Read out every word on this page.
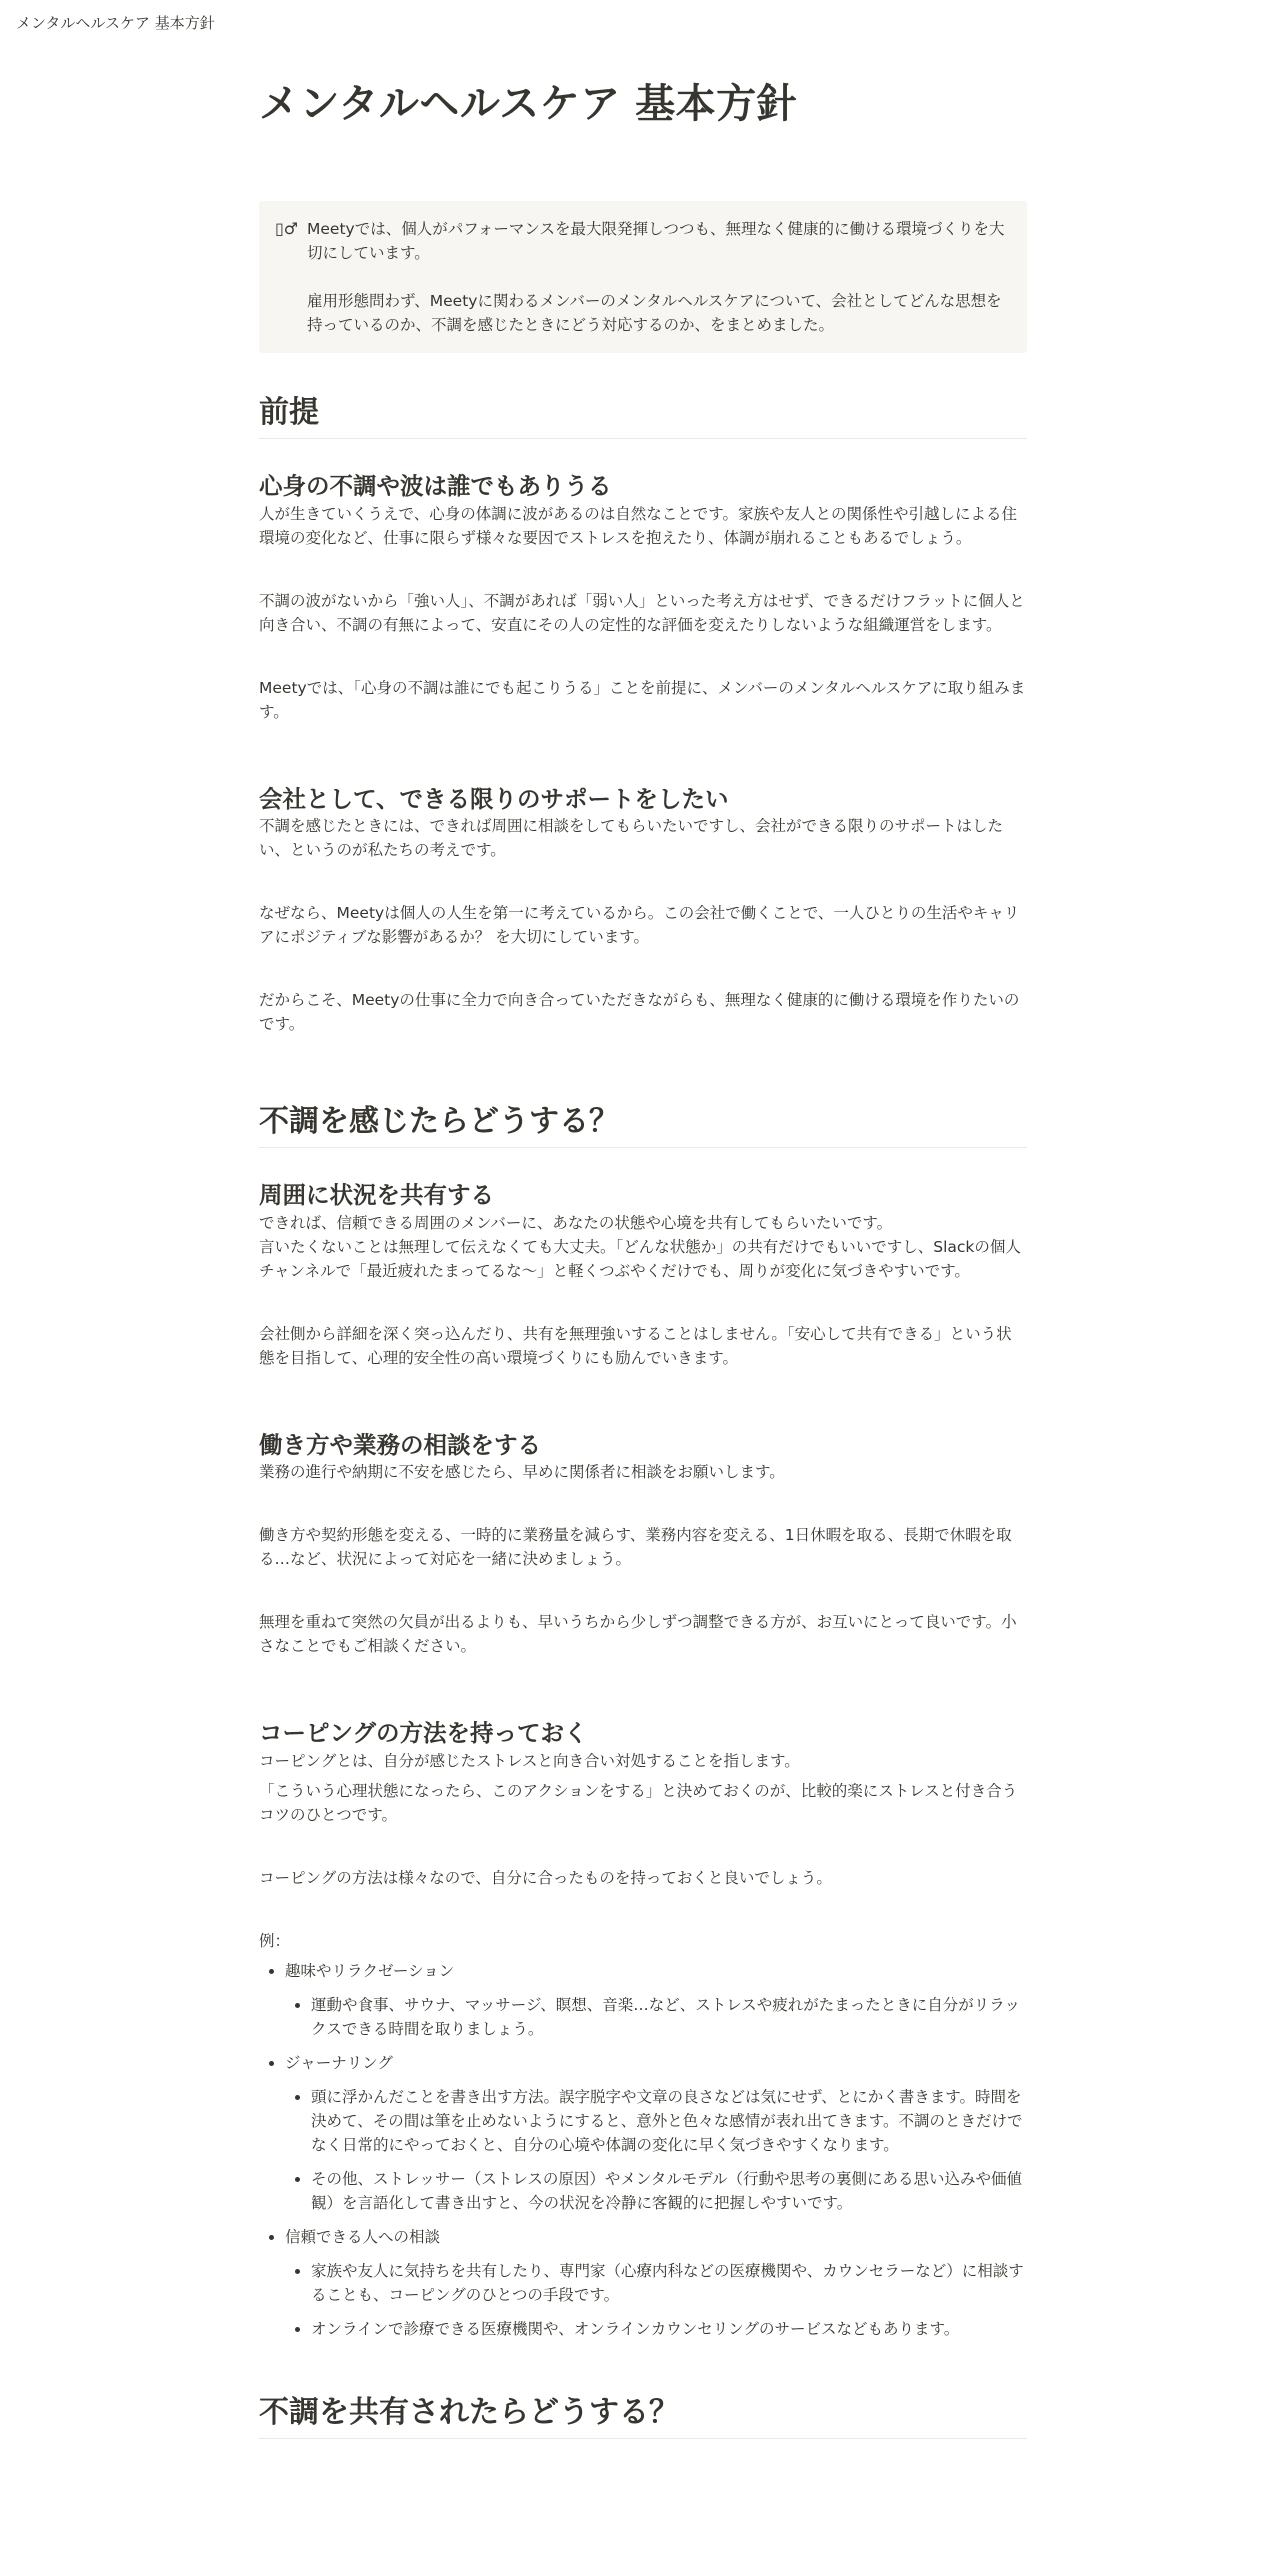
メンタルヘルスケア 基本方針
メンタルヘルスケア 基本方針
▯♂ Meetyでは、個人がパフォーマンスを最大限発揮しつつも、無理なく健康的に働ける環境づくりを大切にしています。

雇用形態問わず、Meetyに関わるメンバーのメンタルヘルスケアについて、会社としてどんな思想を持っているのか、不調を感じたときにどう対応するのか、をまとめました。

前提
心身の不調や波は誰でもありうる

人が生きていくうえで、心身の体調に波があるのは自然なことです。家族や友人との関係性や引越しによる住環境の変化など、仕事に限らず様々な要因でストレスを抱えたり、体調が崩れることもあるでしょう。

不調の波がないから「強い人」、不調があれば「弱い人」といった考え方はせず、できるだけフラットに個人と向き合い、不調の有無によって、安直にその人の定性的な評価を変えたりしないような組織運営をします。

Meetyでは、「心身の不調は誰にでも起こりうる」ことを前提に、メンバーのメンタルヘルスケアに取り組みます。

会社として、できる限りのサポートをしたい

不調を感じたときには、できれば周囲に相談をしてもらいたいですし、会社ができる限りのサポートはしたい、というのが私たちの考えです。

なぜなら、Meetyは個人の人生を第一に考えているから。この会社で働くことで、一人ひとりの生活やキャリアにポジティブな影響があるか？ を大切にしています。

だからこそ、Meetyの仕事に全力で向き合っていただきながらも、無理なく健康的に働ける環境を作りたいのです。

不調を感じたらどうする？
周囲に状況を共有する

できれば、信頼できる周囲のメンバーに、あなたの状態や心境を共有してもらいたいです。

言いたくないことは無理して伝えなくても大丈夫。「どんな状態か」の共有だけでもいいですし、Slackの個人チャンネルで「最近疲れたまってるな～」と軽くつぶやくだけでも、周りが変化に気づきやすいです。

会社側から詳細を深く突っ込んだり、共有を無理強いすることはしません。「安心して共有できる」という状態を目指して、心理的安全性の高い環境づくりにも励んでいきます。

働き方や業務の相談をする

業務の進行や納期に不安を感じたら、早めに関係者に相談をお願いします。

働き方や契約形態を変える、一時的に業務量を減らす、業務内容を変える、1日休暇を取る、長期で休暇を取る…など、状況によって対応を一緒に決めましょう。

無理を重ねて突然の欠員が出るよりも、早いうちから少しずつ調整できる方が、お互いにとって良いです。小さなことでもご相談ください。

コーピングの方法を持っておく

コーピングとは、自分が感じたストレスと向き合い対処することを指します。

「こういう心理状態になったら、このアクションをする」と決めておくのが、比較的楽にストレスと付き合うコツのひとつです。

コーピングの方法は様々なので、自分に合ったものを持っておくと良いでしょう。

例：

• 趣味やリラクゼーション
• 運動や食事、サウナ、マッサージ、瞑想、音楽…など、ストレスや疲れがたまったときに自分がリラックスできる時間を取りましょう。
• ジャーナリング
• 頭に浮かんだことを書き出す方法。誤字脱字や文章の良さなどは気にせず、とにかく書きます。時間を決めて、その間は筆を止めないようにすると、意外と色々な感情が表れ出てきます。不調のときだけでなく日常的にやっておくと、自分の心境や体調の変化に早く気づきやすくなります。
• その他、ストレッサー（ストレスの原因）やメンタルモデル（行動や思考の裏側にある思い込みや価値観）を言語化して書き出すと、今の状況を冷静に客観的に把握しやすいです。
• 信頼できる人への相談
• 家族や友人に気持ちを共有したり、専門家（心療内科などの医療機関や、カウンセラーなど）に相談することも、コーピングのひとつの手段です。
• オンラインで診療できる医療機関や、オンラインカウンセリングのサービスなどもあります。
不調を共有されたらどうする？
